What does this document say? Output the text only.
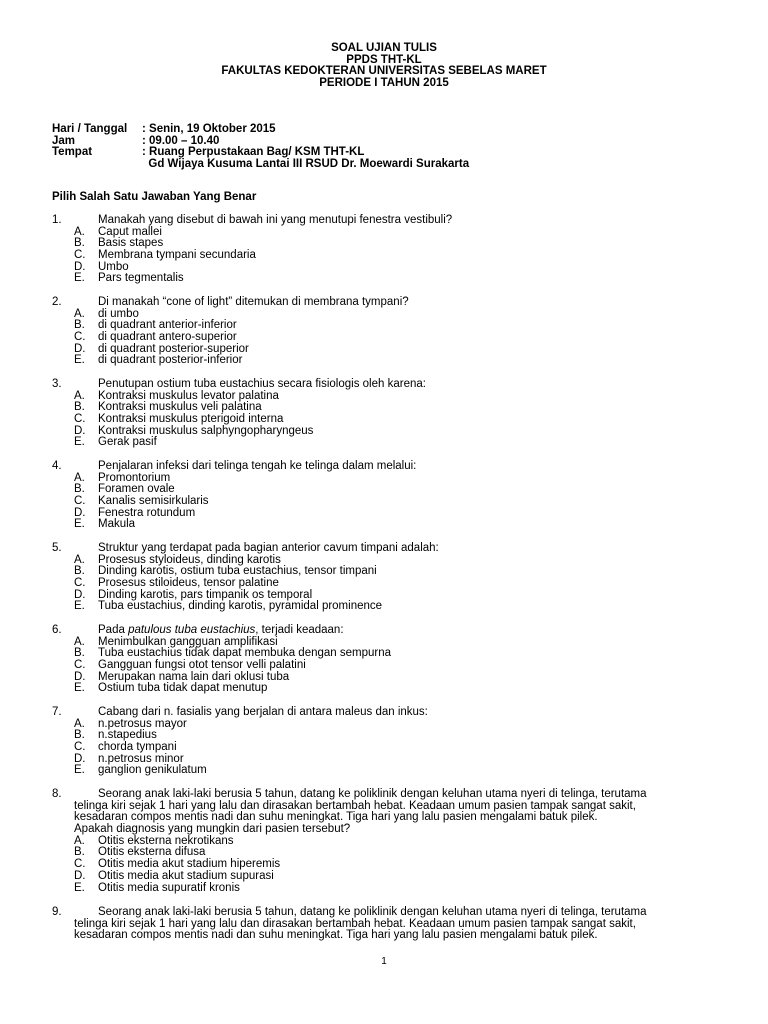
SOAL UJIAN TULIS
PPDS THT-KL
FAKULTAS KEDOKTERAN UNIVERSITAS SEBELAS MARET
PERIODE I TAHUN 2015
Hari / Tanggal	: Senin, 19 Oktober 2015
Jam	: 09.00 – 10.40
Tempat	: Ruang Perpustakaan Bag/ KSM THT-KL
Gd Wijaya Kusuma Lantai III RSUD Dr. Moewardi Surakarta
Pilih Salah Satu Jawaban Yang Benar
1.	Manakah yang disebut di bawah ini yang menutupi fenestra vestibuli?
A.	Caput mallei
B.	Basis stapes
C.	Membrana tympani secundaria
D.	Umbo
E.	Pars tegmentalis
2.	Di manakah “cone of light” ditemukan di membrana tympani?
A.	di umbo
B.	di quadrant anterior-inferior
C.	di quadrant antero-superior
D.	di quadrant posterior-superior
E.	di quadrant posterior-inferior
3.	Penutupan ostium tuba eustachius secara fisiologis oleh karena:
A.	Kontraksi muskulus levator palatina
B.	Kontraksi muskulus veli palatina
C.	Kontraksi muskulus pterigoid interna
D.	Kontraksi muskulus salphyngopharyngeus
E.	Gerak pasif
4.	Penjalaran infeksi dari telinga tengah ke telinga dalam melalui:
A.	Promontorium
B.	Foramen ovale
C.	Kanalis semisirkularis
D.	Fenestra rotundum
E.	Makula
5.	Struktur yang terdapat pada bagian anterior cavum timpani adalah:
A.	Prosesus styloideus, dinding karotis
B.	Dinding karotis, ostium tuba eustachius, tensor timpani
C.	Prosesus stiloideus, tensor palatine
D.	Dinding karotis, pars timpanik os temporal
E.	Tuba eustachius, dinding karotis, pyramidal prominence
6.	Pada patulous tuba eustachius, terjadi keadaan:
A.	Menimbulkan gangguan amplifikasi
B.	Tuba eustachius tidak dapat membuka dengan sempurna
C.	Gangguan fungsi otot tensor velli palatini
D.	Merupakan nama lain dari oklusi tuba
E.	Ostium tuba tidak dapat menutup
7.	Cabang dari n. fasialis yang berjalan di antara maleus dan inkus:
A.	n.petrosus mayor
B.	n.stapedius
C.	chorda tympani
D.	n.petrosus minor
E.	ganglion genikulatum
8.	Seorang anak laki-laki berusia 5 tahun, datang ke poliklinik dengan keluhan utama nyeri di telinga, terutama
telinga kiri sejak 1 hari yang lalu dan dirasakan bertambah hebat. Keadaan umum pasien tampak sangat sakit,
kesadaran compos mentis nadi dan suhu meningkat. Tiga hari yang lalu pasien mengalami batuk pilek.
Apakah diagnosis yang mungkin dari pasien tersebut?
A.	Otitis eksterna nekrotikans
B.	Otitis eksterna difusa
C.	Otitis media akut stadium hiperemis
D.	Otitis media akut stadium supurasi
E.	Otitis media supuratif kronis
9.	Seorang anak laki-laki berusia 5 tahun, datang ke poliklinik dengan keluhan utama nyeri di telinga, terutama
telinga kiri sejak 1 hari yang lalu dan dirasakan bertambah hebat. Keadaan umum pasien tampak sangat sakit,
kesadaran compos mentis nadi dan suhu meningkat. Tiga hari yang lalu pasien mengalami batuk pilek.
1
